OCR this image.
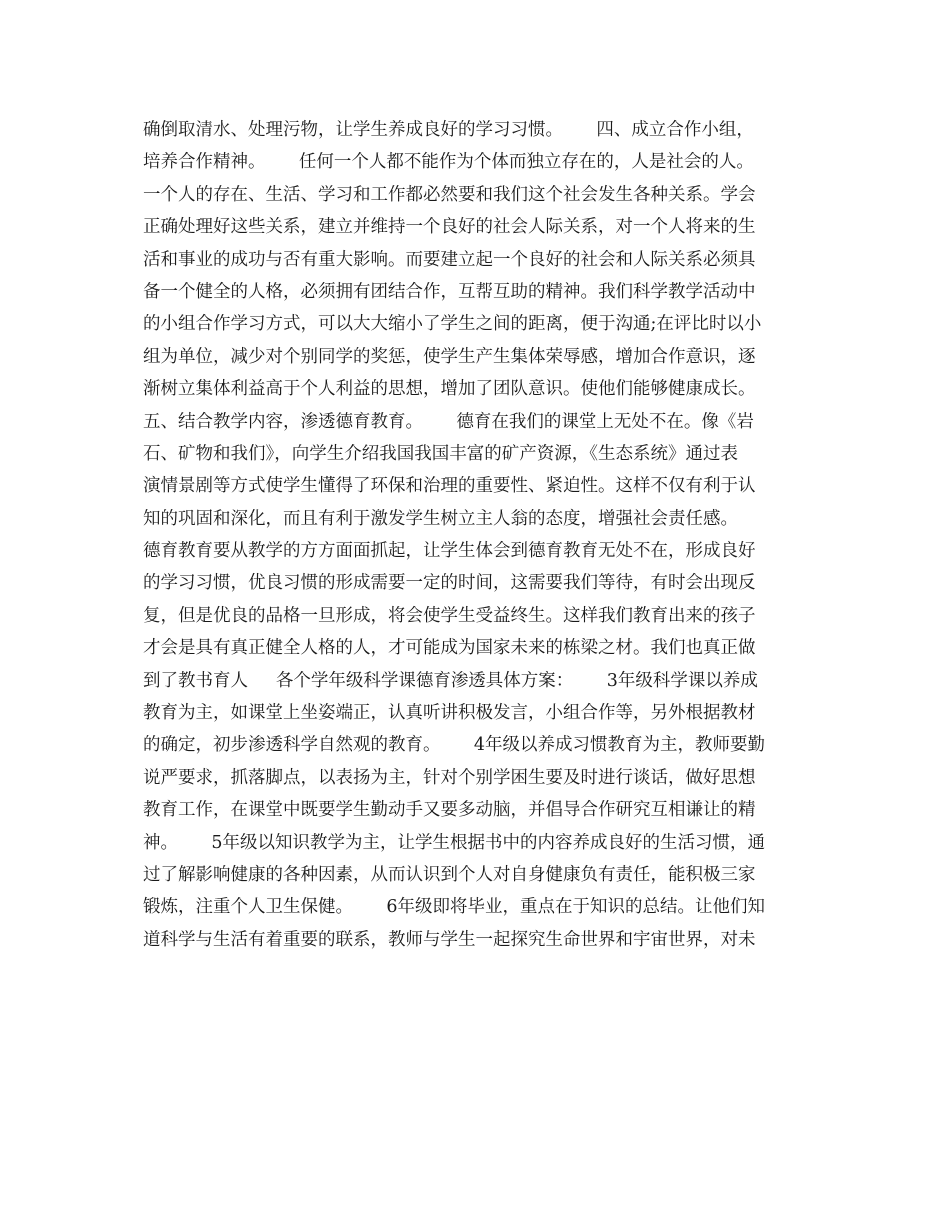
确倒取清水、处理污物，让学生养成良好的学习习惯。      四、成立合作小组，
培养合作精神。      任何一个人都不能作为个体而独立存在的，人是社会的人。
一个人的存在、生活、学习和工作都必然要和我们这个社会发生各种关系。学会
正确处理好这些关系，建立并维持一个良好的社会人际关系，对一个人将来的生
活和事业的成功与否有重大影响。而要建立起一个良好的社会和人际关系必须具
备一个健全的人格，必须拥有团结合作，互帮互助的精神。我们科学教学活动中
的小组合作学习方式，可以大大缩小了学生之间的距离，便于沟通;在评比时以小
组为单位，减少对个别同学的奖惩，使学生产生集体荣辱感，增加合作意识，逐
渐树立集体利益高于个人利益的思想，增加了团队意识。使他们能够健康成长。
五、结合教学内容，渗透德育教育。      德育在我们的课堂上无处不在。像《岩
石、矿物和我们》，向学生介绍我国我国丰富的矿产资源，《生态系统》通过表
演情景剧等方式使学生懂得了环保和治理的重要性、紧迫性。这样不仅有利于认
知的巩固和深化，而且有利于激发学生树立主人翁的态度，增强社会责任感。
德育教育要从教学的方方面面抓起，让学生体会到德育教育无处不在，形成良好
的学习习惯，优良习惯的形成需要一定的时间，这需要我们等待，有时会出现反
复，但是优良的品格一旦形成，将会使学生受益终生。这样我们教育出来的孩子
才会是具有真正健全人格的人，才可能成为国家未来的栋梁之材。我们也真正做
到了教书育人     各个学年级科学课德育渗透具体方案：      3年级科学课以养成
教育为主，如课堂上坐姿端正，认真听讲积极发言，小组合作等，另外根据教材
的确定，初步渗透科学自然观的教育。      4年级以养成习惯教育为主，教师要勤
说严要求，抓落脚点，以表扬为主，针对个别学困生要及时进行谈话，做好思想
教育工作，在课堂中既要学生勤动手又要多动脑，并倡导合作研究互相谦让的精
神。      5年级以知识教学为主，让学生根据书中的内容养成良好的生活习惯，通
过了解影响健康的各种因素，从而认识到个人对自身健康负有责任，能积极三家
锻炼，注重个人卫生保健。      6年级即将毕业，重点在于知识的总结。让他们知
道科学与生活有着重要的联系，教师与学生一起探究生命世界和宇宙世界，对未
